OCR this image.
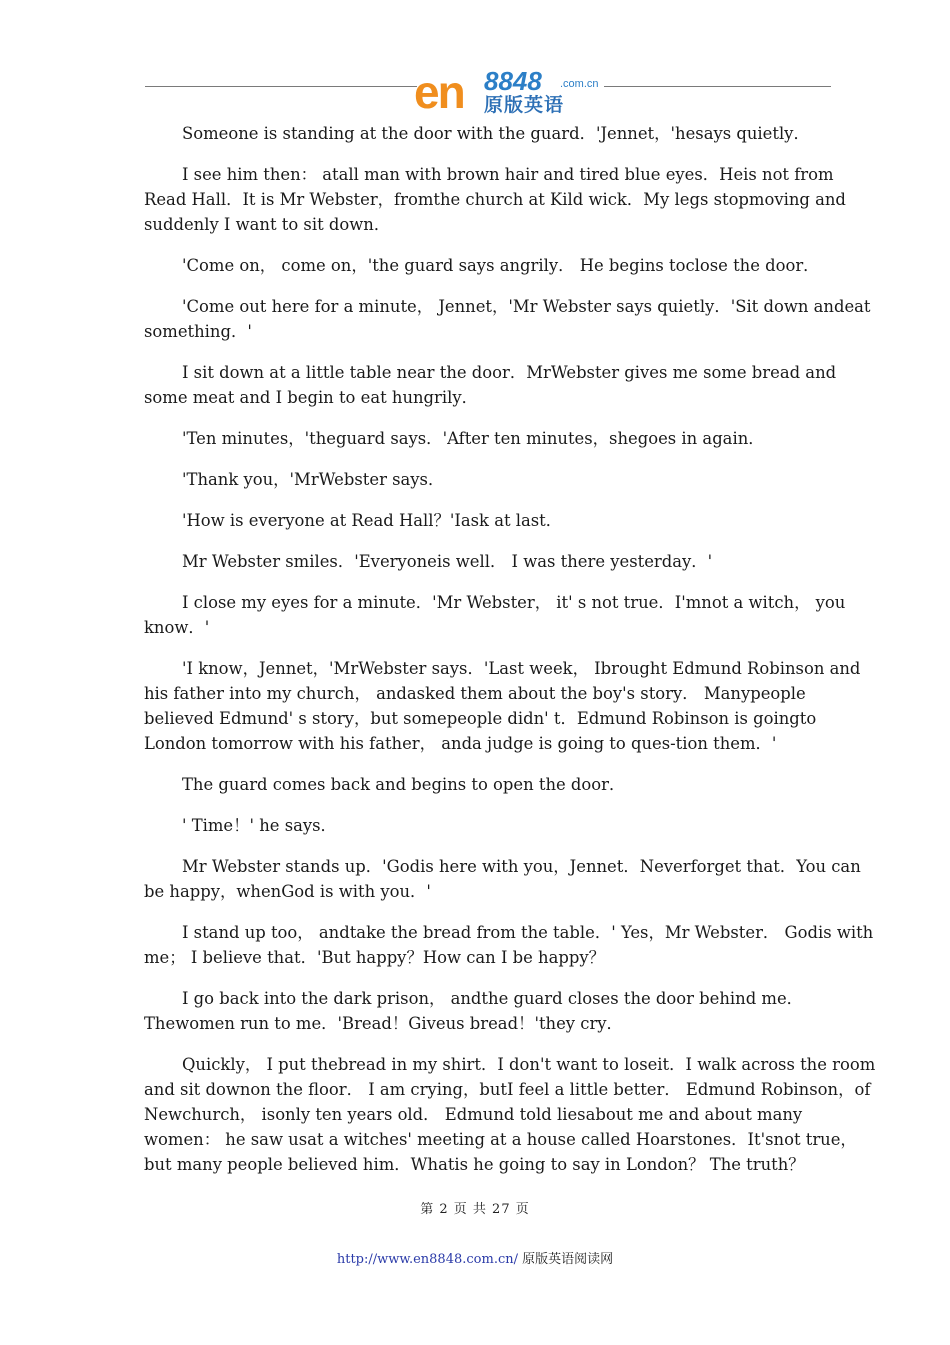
en 8848 .com.cn
原版英语

Someone is standing at the door with the guard．'Jennet，'hesays quietly．

I see him then： atall man with brown hair and tired blue eyes．Heis not from Read Hall．It is Mr Webster，fromthe church at Kild wick．My legs stopmoving and suddenly I want to sit down．

'Come on， come on，'the guard says angrily． He begins toclose the door．

'Come out here for a minute， Jennet，'Mr Webster says quietly．'Sit down andeat something．'

I sit down at a little table near the door．MrWebster gives me some bread and some meat and I begin to eat hungrily．

'Ten minutes，'theguard says．'After ten minutes，shegoes in again．

'Thank you，'MrWebster says．

'How is everyone at Read Hall？'Iask at last．

Mr Webster smiles．'Everyoneis well． I was there yesterday．'

I close my eyes for a minute．'Mr Webster， it' s not true．I'mnot a witch， you know．'

'I know，Jennet，'MrWebster says．'Last week， Ibrought Edmund Robinson and his father into my church， andasked them about the boy's story． Manypeople believed Edmund' s story，but somepeople didn' t．Edmund Robinson is goingto London tomorrow with his father， anda judge is going to ques-tion them．'

The guard comes back and begins to open the door．

' Time！' he says．

Mr Webster stands up．'Godis here with you，Jennet．Neverforget that．You can be happy，whenGod is with you．'

I stand up too， andtake the bread from the table．' Yes，Mr Webster． Godis with me； I believe that．'But happy？How can I be happy？

I go back into the dark prison， andthe guard closes the door behind me．Thewomen run to me．'Bread！Giveus bread！'they cry．

Quickly， I put thebread in my shirt．I don't want to loseit．I walk across the room and sit downon the floor． I am crying，butI feel a little better． Edmund Robinson，of Newchurch， isonly ten years old． Edmund told liesabout me and about many women： he saw usat a witches' meeting at a house called Hoarstones．It'snot true，but many people believed him．Whatis he going to say in London？ The truth？

第 2 页 共 27 页
http://www.en8848.com.cn/ 原版英语阅读网
